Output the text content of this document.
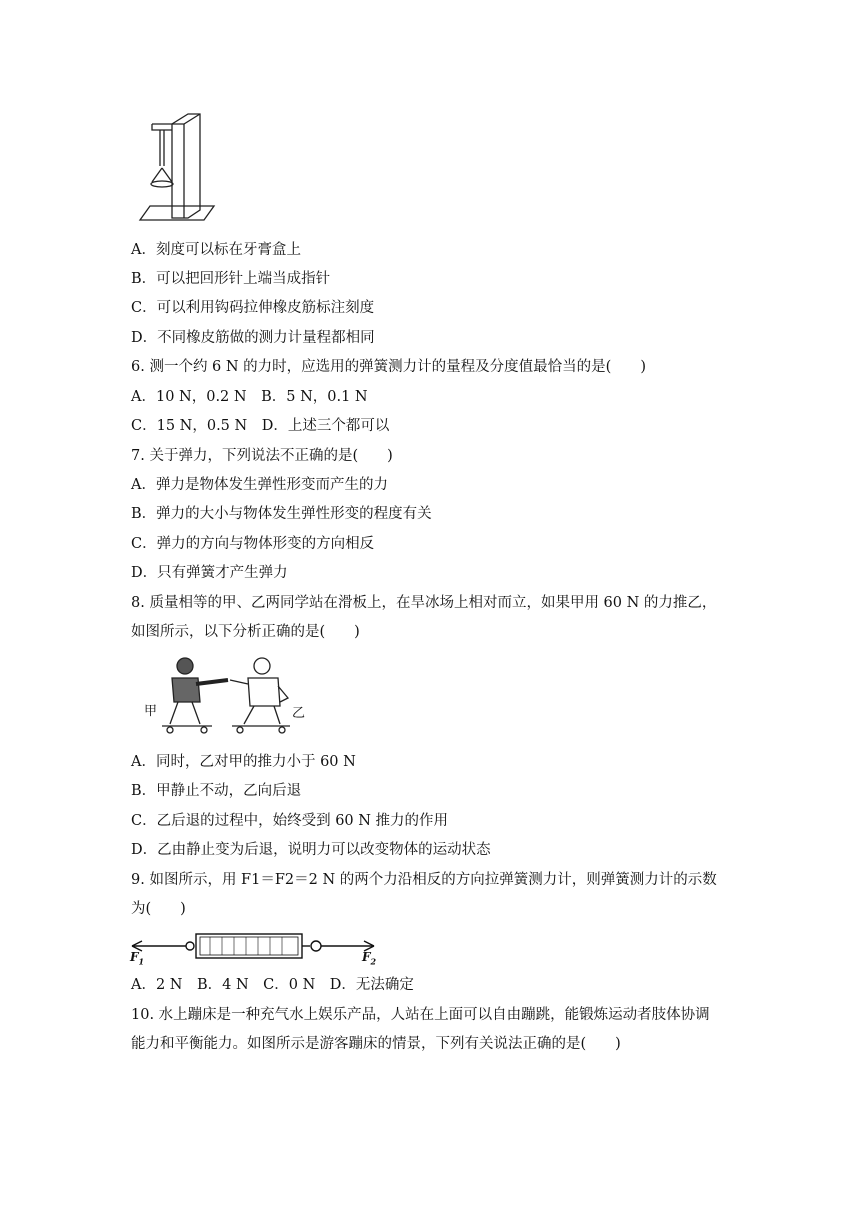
A．刻度可以标在牙膏盒上
B．可以把回形针上端当成指针
C．可以利用钩码拉伸橡皮筋标注刻度
D．不同橡皮筋做的测力计量程都相同
6. 测一个约 6 N 的力时，应选用的弹簧测力计的量程及分度值最恰当的是(　　)
A．10 N，0.2 N　B．5 N，0.1 N
C．15 N，0.5 N　D．上述三个都可以
7. 关于弹力，下列说法不正确的是(　　)
A．弹力是物体发生弹性形变而产生的力
B．弹力的大小与物体发生弹性形变的程度有关
C．弹力的方向与物体形变的方向相反
D．只有弹簧才产生弹力
8. 质量相等的甲、乙两同学站在滑板上，在旱冰场上相对而立，如果甲用 60 N 的力推乙，
如图所示，以下分析正确的是(　　)
甲	乙
A．同时，乙对甲的推力小于 60 N
B．甲静止不动，乙向后退
C．乙后退的过程中，始终受到 60 N 推力的作用
D．乙由静止变为后退，说明力可以改变物体的运动状态
9. 如图所示，用 F1＝F2＝2 N 的两个力沿相反的方向拉弹簧测力计，则弹簧测力计的示数
为(　　)
$F_1$	$F_2$
A．2 N　B．4 N　C．0 N　D．无法确定
10. 水上蹦床是一种充气水上娱乐产品，人站在上面可以自由蹦跳，能锻炼运动者肢体协调
能力和平衡能力。如图所示是游客蹦床的情景，下列有关说法正确的是(　　)
